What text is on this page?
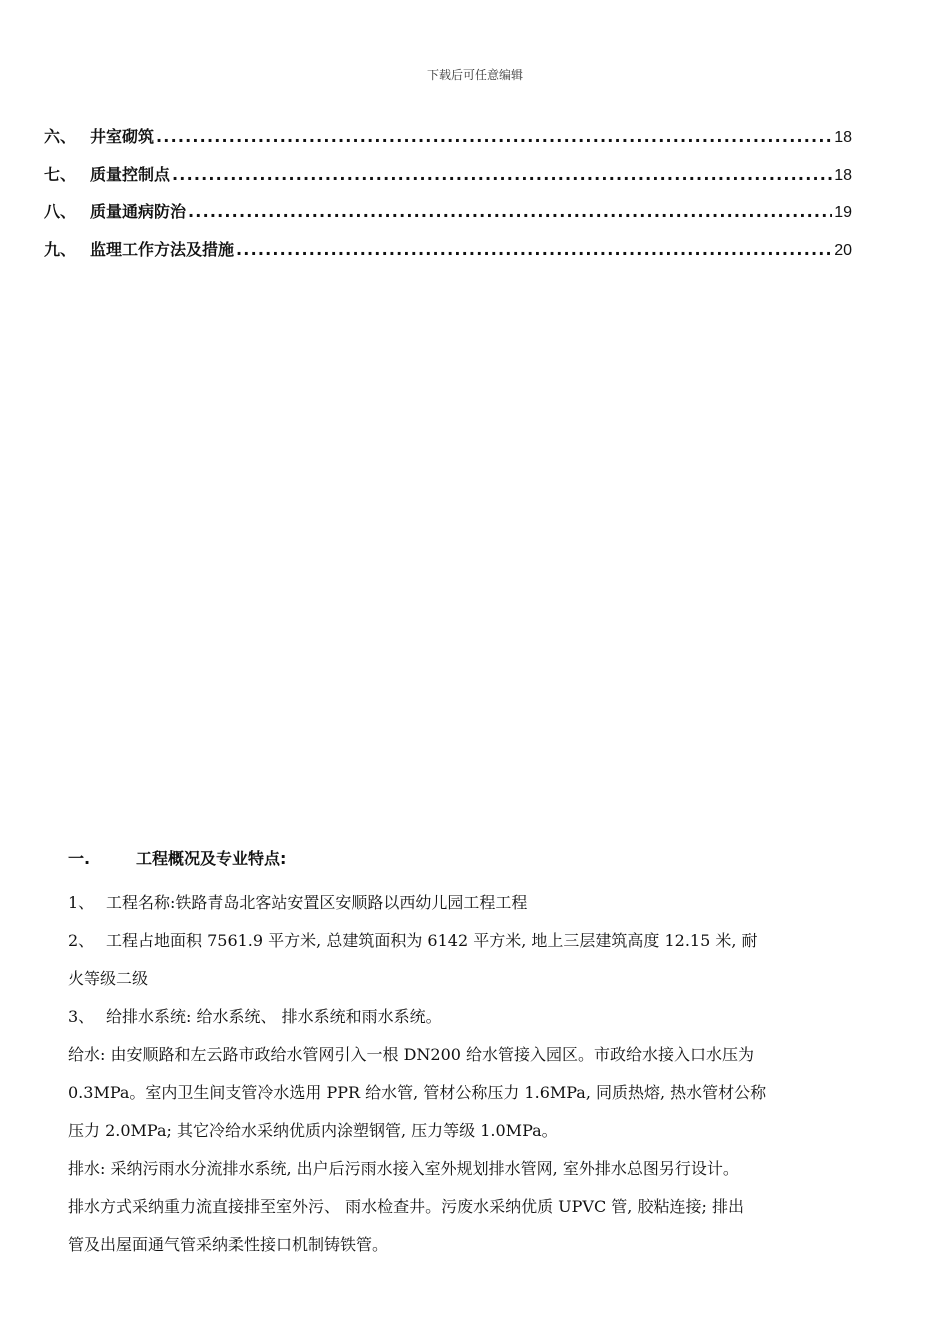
下载后可任意编辑
六、 井室砌筑 .....	18
七、 质量控制点 .....	18
八、 质量通病防治 .....	19
九、 监理工作方法及措施 .....	20
一.	工程概况及专业特点:
1、 工程名称:铁路青岛北客站安置区安顺路以西幼儿园工程工程
2、 工程占地面积 7561.9 平方米, 总建筑面积为 6142 平方米, 地上三层建筑高度 12.15 米, 耐
火等级二级
3、 给排水系统: 给水系统、 排水系统和雨水系统。
给水: 由安顺路和左云路市政给水管网引入一根 DN200 给水管接入园区。市政给水接入口水压为
0.3MPa。室内卫生间支管冷水选用 PPR 给水管, 管材公称压力 1.6MPa, 同质热熔, 热水管材公称
压力 2.0MPa; 其它冷给水采纳优质内涂塑钢管, 压力等级 1.0MPa。
排水: 采纳污雨水分流排水系统, 出户后污雨水接入室外规划排水管网, 室外排水总图另行设计。
排水方式采纳重力流直接排至室外污、 雨水检查井。污废水采纳优质 UPVC 管, 胶粘连接; 排出
管及出屋面通气管采纳柔性接口机制铸铁管。
